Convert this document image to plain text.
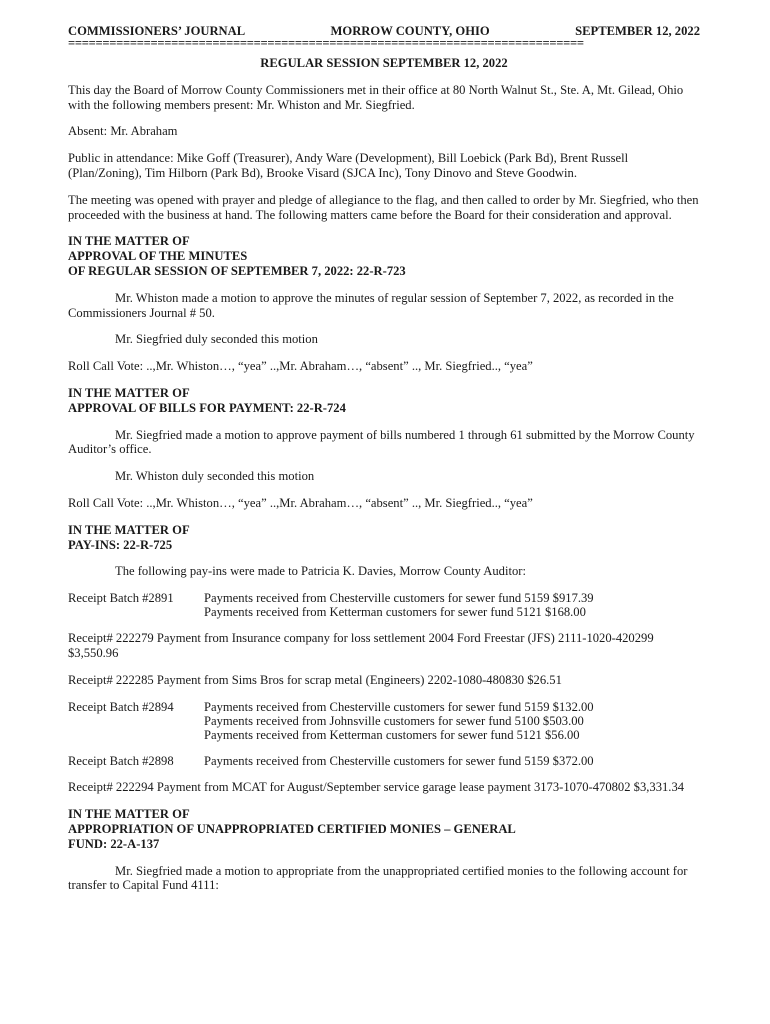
COMMISSIONERS’ JOURNAL	MORROW COUNTY, OHIO	SEPTEMBER 12, 2022
===========================================================================
REGULAR SESSION SEPTEMBER 12, 2022

This day the Board of Morrow County Commissioners met in their office at 80 North Walnut St., Ste. A, Mt. Gilead, Ohio with the following members present: Mr. Whiston and Mr. Siegfried.

Absent: Mr. Abraham

Public in attendance: Mike Goff (Treasurer), Andy Ware (Development), Bill Loebick (Park Bd), Brent Russell (Plan/Zoning), Tim Hilborn (Park Bd), Brooke Visard (SJCA Inc), Tony Dinovo and Steve Goodwin.

The meeting was opened with prayer and pledge of allegiance to the flag, and then called to order by Mr. Siegfried, who then proceeded with the business at hand. The following matters came before the Board for their consideration and approval.

IN THE MATTER OF
APPROVAL OF THE MINUTES
OF REGULAR SESSION OF SEPTEMBER 7, 2022: 22-R-723

Mr. Whiston made a motion to approve the minutes of regular session of September 7, 2022, as recorded in the Commissioners Journal # 50.

Mr. Siegfried duly seconded this motion

Roll Call Vote: ..,Mr. Whiston…, “yea” ..,Mr. Abraham…, “absent” .., Mr. Siegfried.., “yea”

IN THE MATTER OF
APPROVAL OF BILLS FOR PAYMENT: 22-R-724

Mr. Siegfried made a motion to approve payment of bills numbered 1 through 61 submitted by the Morrow County Auditor’s office.

Mr. Whiston duly seconded this motion

Roll Call Vote: ..,Mr. Whiston…, “yea” ..,Mr. Abraham…, “absent” .., Mr. Siegfried.., “yea”

IN THE MATTER OF
PAY-INS: 22-R-725

The following pay-ins were made to Patricia K. Davies, Morrow County Auditor:

Receipt Batch #2891	Payments received from Chesterville customers for sewer fund 5159 $917.39
Payments received from Ketterman customers for sewer fund 5121 $168.00

Receipt# 222279 Payment from Insurance company for loss settlement 2004 Ford Freestar (JFS) 2111-1020-420299 $3,550.96

Receipt# 222285 Payment from Sims Bros for scrap metal (Engineers) 2202-1080-480830 $26.51

Receipt Batch #2894	Payments received from Chesterville customers for sewer fund 5159 $132.00
Payments received from Johnsville customers for sewer fund 5100 $503.00
Payments received from Ketterman customers for sewer fund 5121 $56.00
Receipt Batch #2898	Payments received from Chesterville customers for sewer fund 5159 $372.00

Receipt# 222294 Payment from MCAT for August/September service garage lease payment 3173-1070-470802 $3,331.34

IN THE MATTER OF
APPROPRIATION OF UNAPPROPRIATED CERTIFIED MONIES – GENERAL
FUND: 22-A-137

Mr. Siegfried made a motion to appropriate from the unappropriated certified monies to the following account for transfer to Capital Fund 4111:
